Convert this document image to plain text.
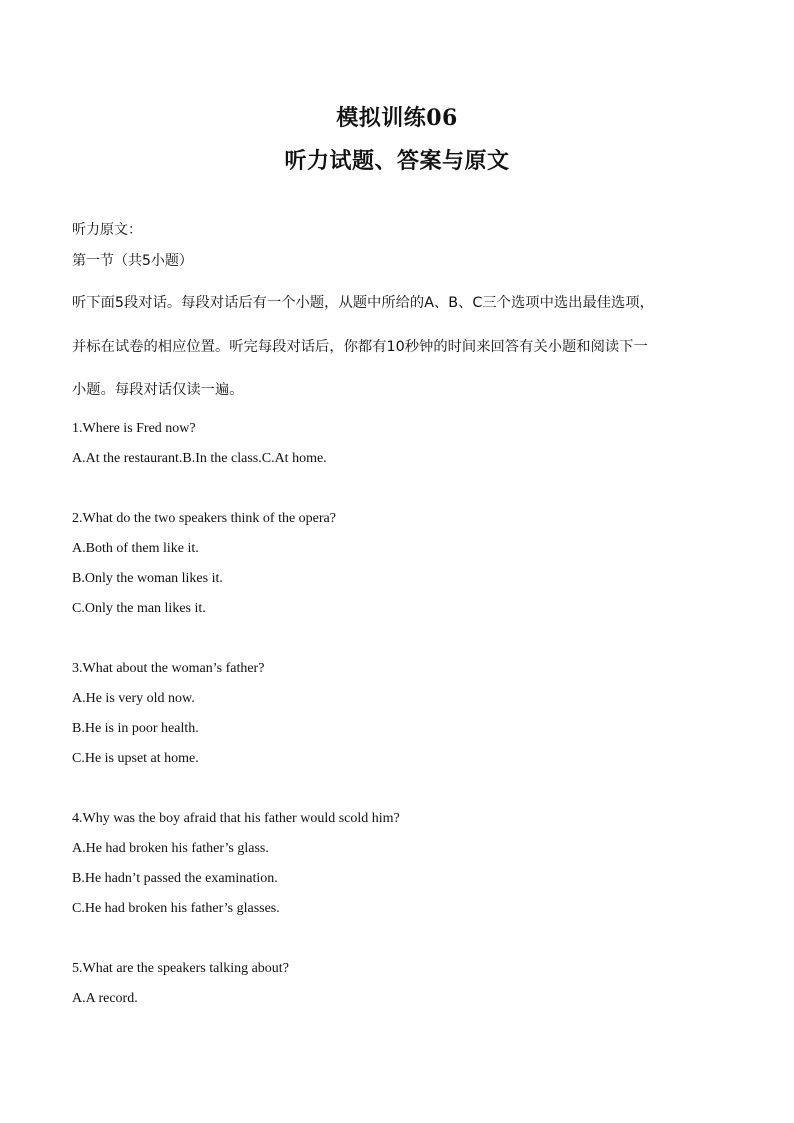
模拟训练06
听力试题、答案与原文
听力原文：
第一节（共5小题）
听下面5段对话。每段对话后有一个小题，从题中所给的A、B、C三个选项中选出最佳选项，
并标在试卷的相应位置。听完每段对话后，你都有10秒钟的时间来回答有关小题和阅读下一
小题。每段对话仅读一遍。
1.Where is Fred now?
A.At the restaurant.B.In the class.C.At home.
2.What do the two speakers think of the opera?
A.Both of them like it.
B.Only the woman likes it.
C.Only the man likes it.
3.What about the woman’s father?
A.He is very old now.
B.He is in poor health.
C.He is upset at home.
4.Why was the boy afraid that his father would scold him?
A.He had broken his father’s glass.
B.He hadn’t passed the examination.
C.He had broken his father’s glasses.
5.What are the speakers talking about?
A.A record.
